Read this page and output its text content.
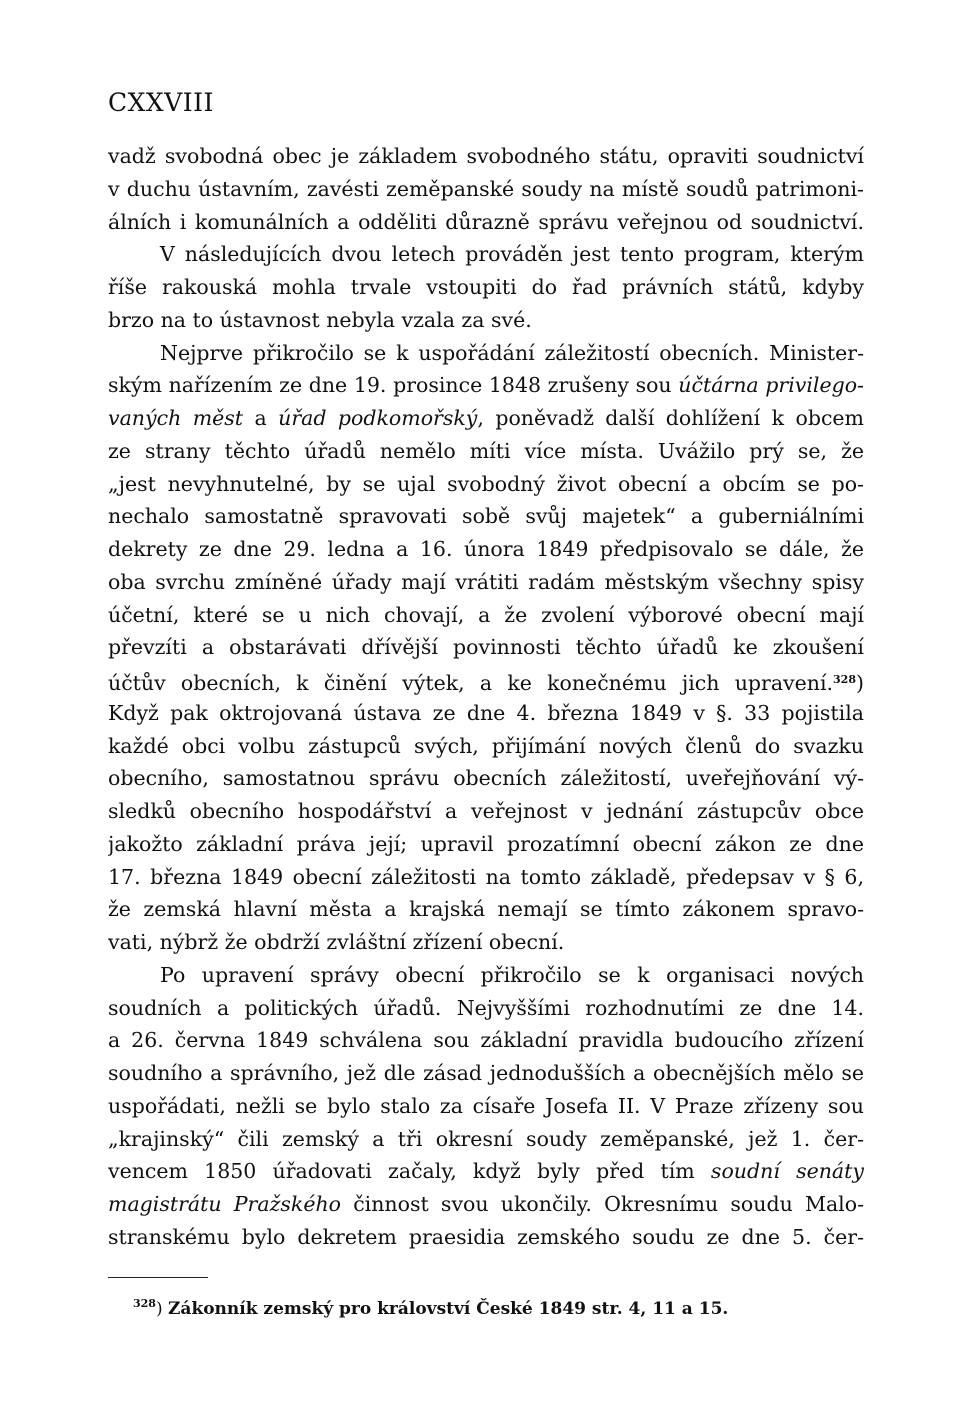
CXXVIII
vadž svobodná obec je základem svobodného státu, opraviti soudnictví
v duchu ústavním, zavésti zeměpanské soudy na místě soudů patrimoni-
álních i komunálních a odděliti důrazně správu veřejnou od soudnictví.
V následujících dvou letech prováděn jest tento program, kterým
říše rakouská mohla trvale vstoupiti do řad právních států, kdyby
brzo na to ústavnost nebyla vzala za své.
Nejprve přikročilo se k uspořádání záležitostí obecních. Minister-
ským nařízením ze dne 19. prosince 1848 zrušeny sou účtárna privilego-
vaných měst a úřad podkomořský, poněvadž další dohlížení k obcem
ze strany těchto úřadů nemělo míti více místa. Uvážilo prý se, že
„jest nevyhnutelné, by se ujal svobodný život obecní a obcím se po-
nechalo samostatně spravovati sobě svůj majetek“ a guberniálními
dekrety ze dne 29. ledna a 16. února 1849 předpisovalo se dále, že
oba svrchu zmíněné úřady mají vrátiti radám městským všechny spisy
účetní, které se u nich chovají, a že zvolení výborové obecní mají
převzíti a obstarávati dřívější povinnosti těchto úřadů ke zkoušení
účtův obecních, k činění výtek, a ke konečnému jich upravení.$^{328}$)
Když pak oktrojovaná ústava ze dne 4. března 1849 v §. 33 pojistila
každé obci volbu zástupců svých, přijímání nových členů do svazku
obecního, samostatnou správu obecních záležitostí, uveřejňování vý-
sledků obecního hospodářství a veřejnost v jednání zástupcův obce
jakožto základní práva její; upravil prozatímní obecní zákon ze dne
17. března 1849 obecní záležitosti na tomto základě, předepsav v § 6,
že zemská hlavní města a krajská nemají se tímto zákonem spravo-
vati, nýbrž že obdrží zvláštní zřízení obecní.
Po upravení správy obecní přikročilo se k organisaci nových
soudních a politických úřadů. Nejvyššími rozhodnutími ze dne 14.
a 26. června 1849 schválena sou základní pravidla budoucího zřízení
soudního a správního, jež dle zásad jednodušších a obecnějších mělo se
uspořádati, nežli se bylo stalo za císaře Josefa II. V Praze zřízeny sou
„krajinský“ čili zemský a tři okresní soudy zeměpanské, jež 1. čer-
vencem 1850 úřadovati začaly, když byly před tím soudní senáty
magistrátu Pražského činnost svou ukončily. Okresnímu soudu Malo-
stranskému bylo dekretem praesidia zemského soudu ze dne 5. čer-
$^{328}$) Zákonník zemský pro království České 1849 str. 4, 11 a 15.
